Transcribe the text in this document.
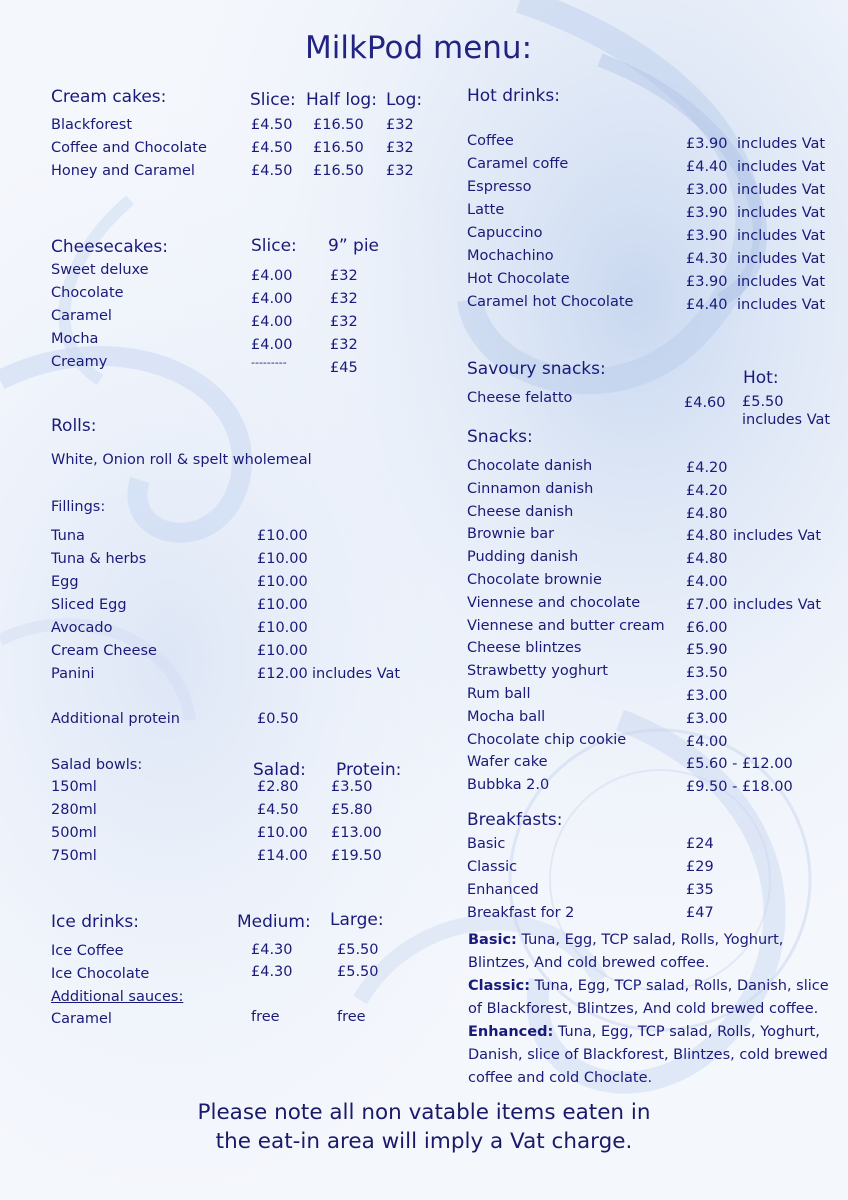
MilkPod menu:
Cream cakes:	Slice: Half log: Log:
Blackforest	£4.50 £16.50 £32
Coffee and Chocolate	£4.50 £16.50 £32
Honey and Caramel	£4.50 £16.50 £32
Cheesecakes:	Slice: 9” pie
Sweet deluxe	£4.00	£32
Chocolate	£4.00	£32
Caramel	£4.00	£32
Mocha	£4.00	£32
Creamy	---------	£45
Rolls:
White, Onion roll & spelt wholemeal
Fillings:
Tuna	£10.00
Tuna & herbs	£10.00
Egg	£10.00
Sliced Egg	£10.00
Avocado	£10.00
Cream Cheese	£10.00
Panini	£12.00 includes Vat
Additional protein	£0.50
Salad bowls:	Salad: Protein:
150ml	£2.80 £3.50
280ml	£4.50 £5.80
500ml	£10.00 £13.00
750ml	£14.00 £19.50
Ice drinks:	Medium: Large:
Ice Coffee	£4.30	£5.50
Ice Chocolate	£4.30	£5.50
Additional sauces:
Caramel	free	free
Hot drinks:
Coffee	£3.90 includes Vat
Caramel coffe	£4.40 includes Vat
Espresso	£3.00 includes Vat
Latte	£3.90 includes Vat
Capuccino	£3.90 includes Vat
Mochachino	£4.30 includes Vat
Hot Chocolate	£3.90 includes Vat
Caramel hot Chocolate	£4.40 includes Vat
Savoury snacks:	Hot:
Cheese felatto	£4.60 £5.50
includes Vat
Snacks:
Chocolate danish	£4.20
Cinnamon danish	£4.20
Cheese danish	£4.80
Brownie bar	£4.80 includes Vat
Pudding danish	£4.80
Chocolate brownie	£4.00
Viennese and chocolate	£7.00 includes Vat
Viennese and butter cream £6.00
Cheese blintzes	£5.90
Strawbetty yoghurt	£3.50
Rum ball	£3.00
Mocha ball	£3.00
Chocolate chip cookie	£4.00
Wafer cake	£5.60 - £12.00
Bubbka 2.0	£9.50 - £18.00
Breakfasts:
Basic	£24
Classic	£29
Enhanced	£35
Breakfast for 2	£47
Basic: Tuna, Egg, TCP salad, Rolls, Yoghurt, Blintzes, And cold brewed coffee.
Classic: Tuna, Egg, TCP salad, Rolls, Danish, slice of Blackforest, Blintzes, And cold brewed coffee.
Enhanced: Tuna, Egg, TCP salad, Rolls, Yoghurt, Danish, slice of Blackforest, Blintzes, cold brewed coffee and cold Choclate.
Please note all non vatable items eaten in
the eat-in area will imply a Vat charge.
